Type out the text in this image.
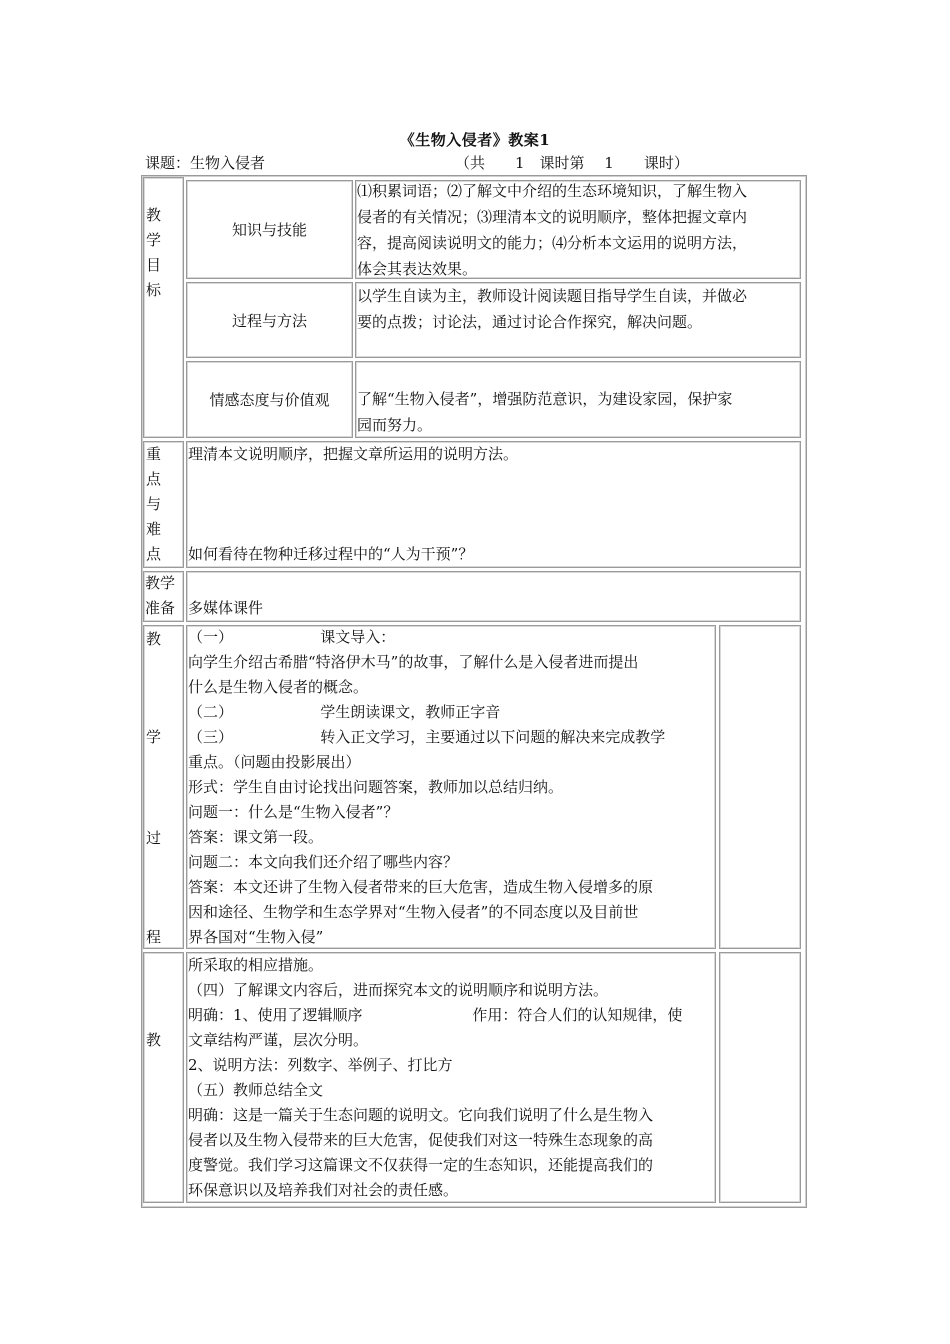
《生物入侵者》教案1
课题：生物入侵者	（共　　1　课时第　 1　　课时）
教
学
目
标
知识与技能
⑴积累词语；⑵了解文中介绍的生态环境知识，了解生物入
侵者的有关情况；⑶理清本文的说明顺序，整体把握文章内
容，提高阅读说明文的能力；⑷分析本文运用的说明方法，
体会其表达效果。
过程与方法
以学生自读为主，教师设计阅读题目指导学生自读，并做必
要的点拨；讨论法，通过讨论合作探究，解决问题。
情感态度与价值观 了解“生物入侵者”，增强防范意识，为建设家园，保护家
园而努力。
重
点
与
难
点
理清本文说明顺序，把握文章所运用的说明方法。
如何看待在物种迁移过程中的“人为干预”？
教学
准备 多媒体课件
教
学
过
程
（一）　　　　　　 课文导入：
向学生介绍古希腊“特洛伊木马”的故事，了解什么是入侵者进而提出
什么是生物入侵者的概念。
（二）　　　　　　 学生朗读课文，教师正字音
（三）　　　　　　 转入正文学习，主要通过以下问题的解决来完成教学
重点。（问题由投影展出）
形式：学生自由讨论找出问题答案，教师加以总结归纳。
问题一：什么是“生物入侵者”？
答案：课文第一段。
问题二：本文向我们还介绍了哪些内容？
答案：本文还讲了生物入侵者带来的巨大危害，造成生物入侵增多的原
因和途径、生物学和生态学界对“生物入侵者”的不同态度以及目前世
界各国对“生物入侵”
教
所采取的相应措施。
（四）了解课文内容后，进而探究本文的说明顺序和说明方法。
明确：1、使用了逻辑顺序　　　　　　　 作用：符合人们的认知规律，使
文章结构严谨，层次分明。
2、说明方法：列数字、举例子、打比方
（五）教师总结全文
明确：这是一篇关于生态问题的说明文。它向我们说明了什么是生物入
侵者以及生物入侵带来的巨大危害，促使我们对这一特殊生态现象的高
度警觉。我们学习这篇课文不仅获得一定的生态知识，还能提高我们的
环保意识以及培养我们对社会的责任感。
